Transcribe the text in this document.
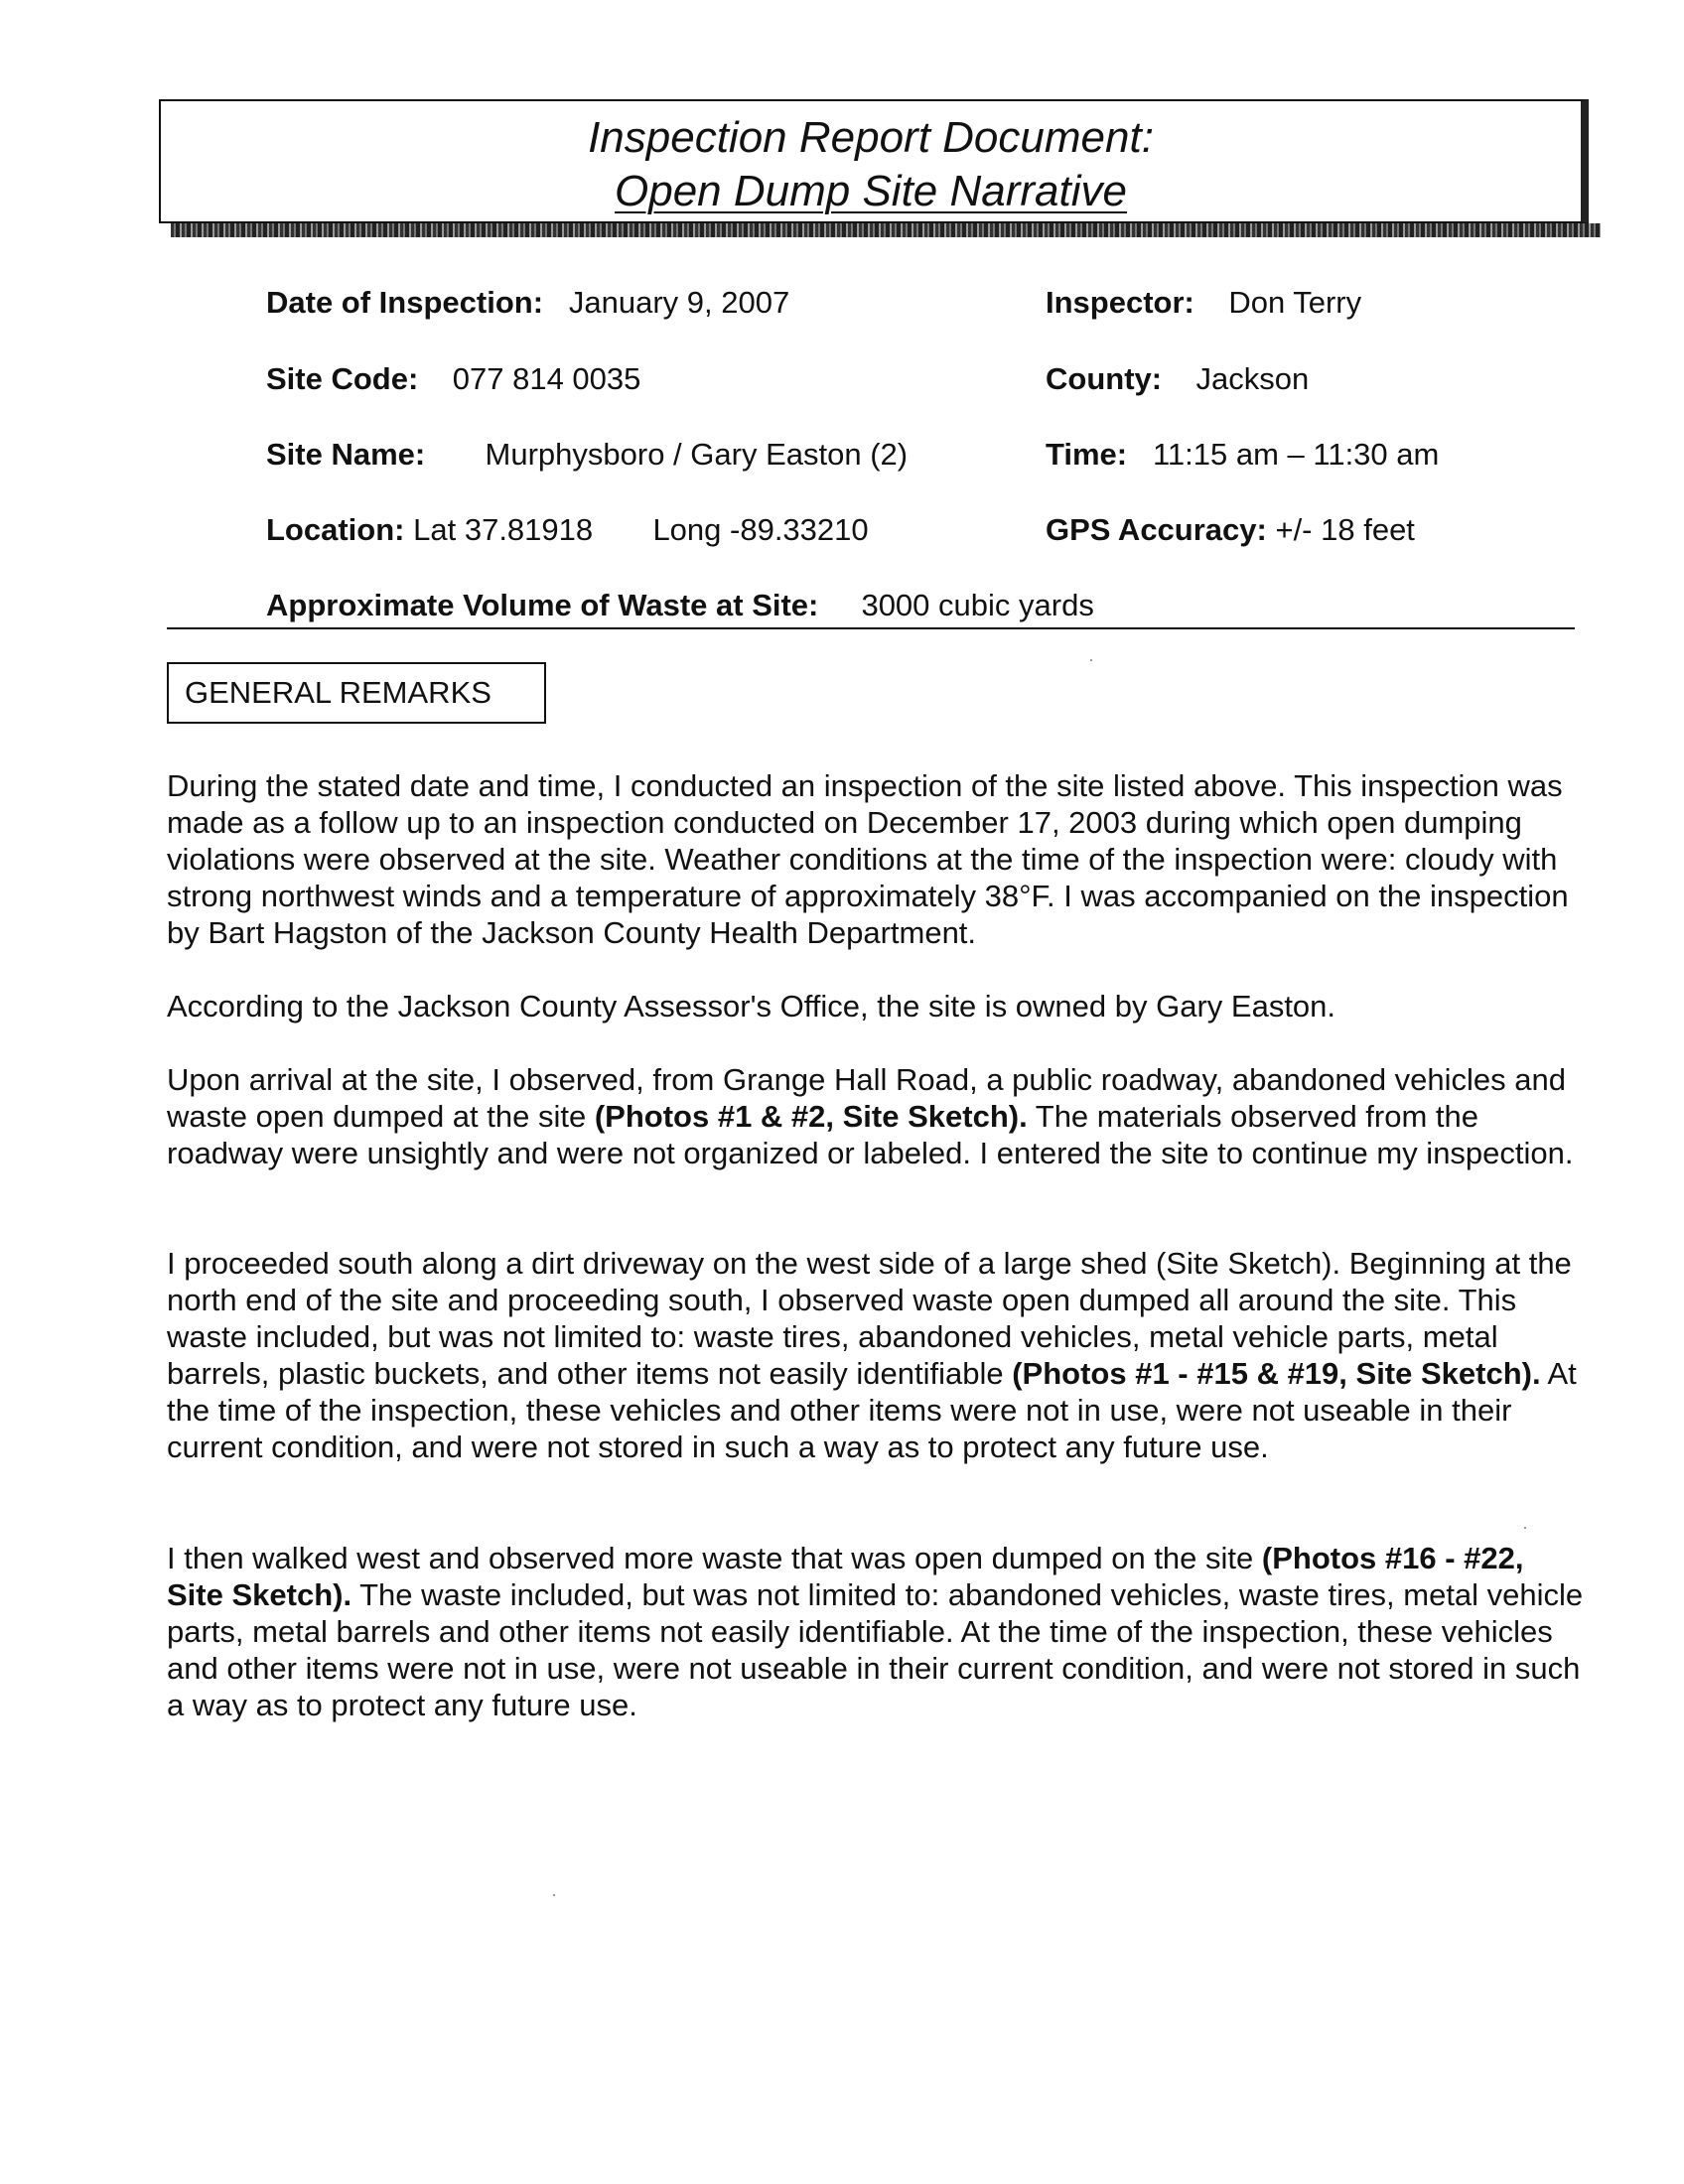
Inspection Report Document:
Open Dump Site Narrative
Date of Inspection: January 9, 2007	Inspector: Don Terry
Site Code: 077 814 0035	County: Jackson
Site Name: Murphysboro / Gary Easton (2)	Time: 11:15 am – 11:30 am
Location: Lat 37.81918 Long -89.33210	GPS Accuracy: +/- 18 feet
Approximate Volume of Waste at Site: 3000 cubic yards
GENERAL REMARKS

During the stated date and time, I conducted an inspection of the site listed above. This inspection was made as a follow up to an inspection conducted on December 17, 2003 during which open dumping violations were observed at the site. Weather conditions at the time of the inspection were: cloudy with strong northwest winds and a temperature of approximately 38°F. I was accompanied on the inspection by Bart Hagston of the Jackson County Health Department.

According to the Jackson County Assessor's Office, the site is owned by Gary Easton.

Upon arrival at the site, I observed, from Grange Hall Road, a public roadway, abandoned vehicles and waste open dumped at the site (Photos #1 & #2, Site Sketch). The materials observed from the roadway were unsightly and were not organized or labeled. I entered the site to continue my inspection.

I proceeded south along a dirt driveway on the west side of a large shed (Site Sketch). Beginning at the north end of the site and proceeding south, I observed waste open dumped all around the site. This waste included, but was not limited to: waste tires, abandoned vehicles, metal vehicle parts, metal barrels, plastic buckets, and other items not easily identifiable (Photos #1 - #15 & #19, Site Sketch). At the time of the inspection, these vehicles and other items were not in use, were not useable in their current condition, and were not stored in such a way as to protect any future use.

I then walked west and observed more waste that was open dumped on the site (Photos #16 - #22, Site Sketch). The waste included, but was not limited to: abandoned vehicles, waste tires, metal vehicle parts, metal barrels and other items not easily identifiable. At the time of the inspection, these vehicles and other items were not in use, were not useable in their current condition, and were not stored in such a way as to protect any future use.
